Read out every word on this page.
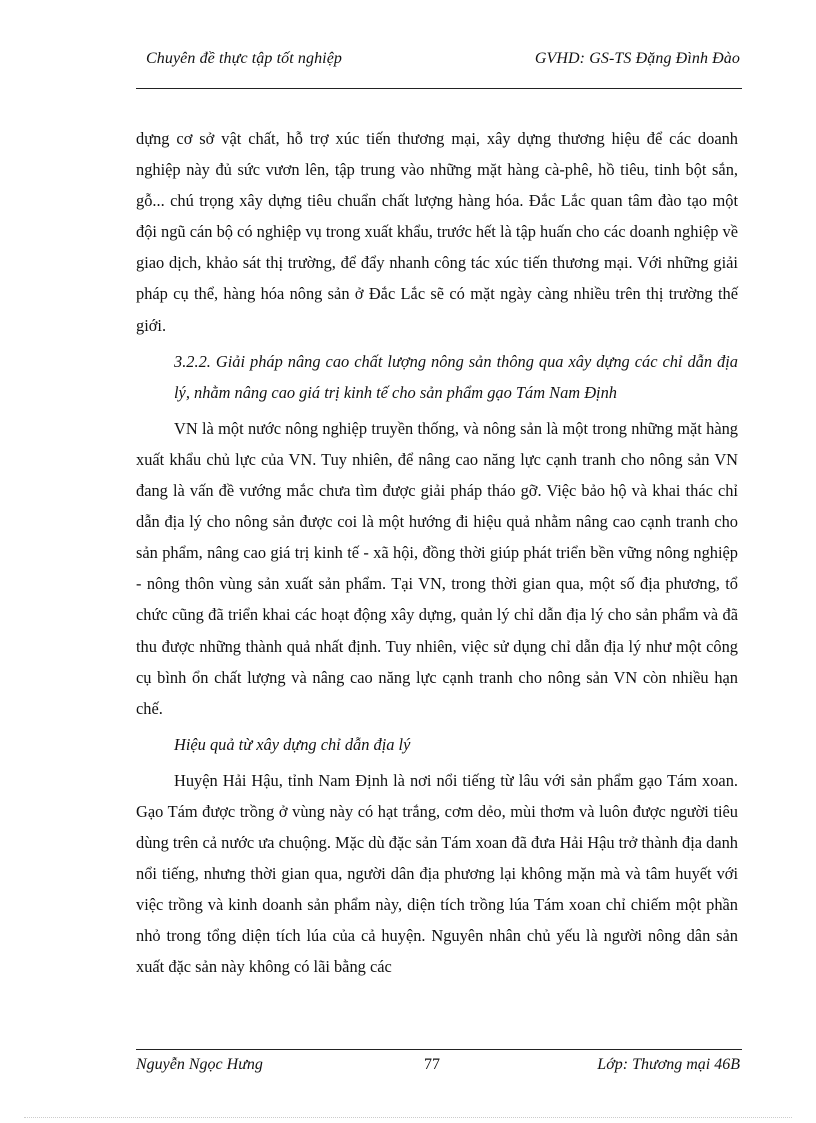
Chuyên đề thực tập tốt nghiệp	GVHD: GS-TS Đặng Đình Đào

dựng cơ sở vật chất, hỗ trợ xúc tiến thương mại, xây dựng thương hiệu để các doanh nghiệp này đủ sức vươn lên, tập trung vào những mặt hàng cà-phê, hồ tiêu, tinh bột sắn, gỗ... chú trọng xây dựng tiêu chuẩn chất lượng hàng hóa. Đắc Lắc quan tâm đào tạo một đội ngũ cán bộ có nghiệp vụ trong xuất khẩu, trước hết là tập huấn cho các doanh nghiệp về giao dịch, khảo sát thị trường, để đẩy nhanh công tác xúc tiến thương mại. Với những giải pháp cụ thể, hàng hóa nông sản ở Đắc Lắc sẽ có mặt ngày càng nhiều trên thị trường thế giới.

3.2.2. Giải pháp nâng cao chất lượng nông sản thông qua xây dựng các chỉ dẫn địa lý, nhằm nâng cao giá trị kinh tế cho sản phẩm gạo Tám Nam Định

VN là một nước nông nghiệp truyền thống, và nông sản là một trong những mặt hàng xuất khẩu chủ lực của VN. Tuy nhiên, để nâng cao năng lực cạnh tranh cho nông sản VN đang là vấn đề vướng mắc chưa tìm được giải pháp tháo gỡ. Việc bảo hộ và khai thác chỉ dẫn địa lý cho nông sản được coi là một hướng đi hiệu quả nhằm nâng cao cạnh tranh cho sản phẩm, nâng cao giá trị kinh tế - xã hội, đồng thời giúp phát triển bền vững nông nghiệp - nông thôn vùng sản xuất sản phẩm. Tại VN, trong thời gian qua, một số địa phương, tổ chức cũng đã triển khai các hoạt động xây dựng, quản lý chỉ dẫn địa lý cho sản phẩm và đã thu được những thành quả nhất định. Tuy nhiên, việc sử dụng chỉ dẫn địa lý như một công cụ bình ổn chất lượng và nâng cao năng lực cạnh tranh cho nông sản VN còn nhiều hạn chế.

Hiệu quả từ xây dựng chỉ dẫn địa lý

Huyện Hải Hậu, tỉnh Nam Định là nơi nổi tiếng từ lâu với sản phẩm gạo Tám xoan. Gạo Tám được trồng ở vùng này có hạt trắng, cơm dẻo, mùi thơm và luôn được người tiêu dùng trên cả nước ưa chuộng. Mặc dù đặc sản Tám xoan đã đưa Hải Hậu trở thành địa danh nổi tiếng, nhưng thời gian qua, người dân địa phương lại không mặn mà và tâm huyết với việc trồng và kinh doanh sản phẩm này, diện tích trồng lúa Tám xoan chỉ chiếm một phần nhỏ trong tổng diện tích lúa của cả huyện. Nguyên nhân chủ yếu là người nông dân sản xuất đặc sản này không có lãi bằng các

Nguyễn Ngọc Hưng	77	Lớp: Thương mại 46B
